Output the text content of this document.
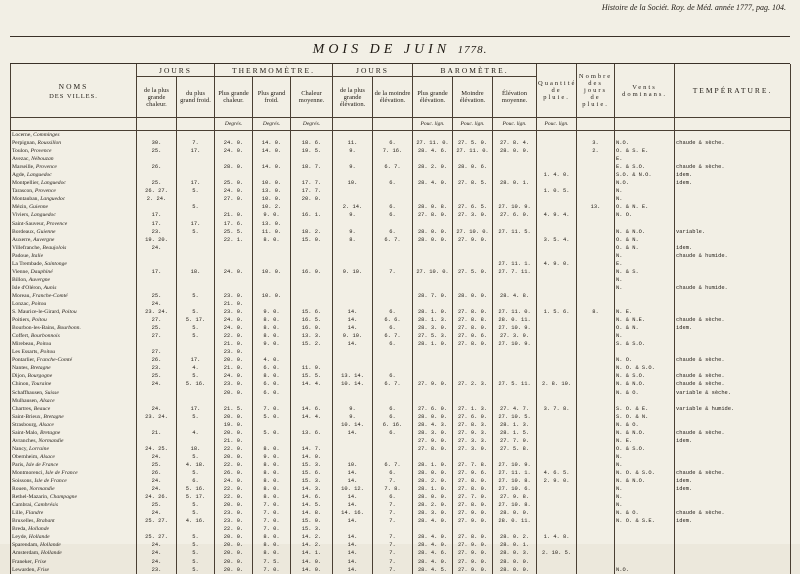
Histoire de la Sociét. Roy. de Méd. année 1777, pag. 104.
MOIS DE JUIN 1778.
NOMS
DES VILLES.	JOURS		THERMOMÈTRE.			JOURS		BAROMÈTRE.			Quantité de pluie.	Nombre des jours de pluie.	Vents dominans.	TEMPÉRATURE.
	de la plus grande chaleur.	du plus grand froid.	Plus grande chaleur.	Plus grand froid.	Chaleur moyenne.	de la plus grande élévation.	de la moindre élévation.	Plus grande élévation.	Moindre élévation.	Élévation moyenne.				
			Degrés.	Degrés.	Degrés.			Pouc. lign.	Pouc. lign.	Pouc. lign.	Pouc. lign.			
Locerne, Comminges														
Perpignan, Roussillon	30.	7.	24. 0.	14. 0.	18. 6.	11.	6.	27. 11. 0.	27. 5. 0.	27. 8. 4.		3.	N.O.	chaude & sèche.
Toulon, Provence	25.	17.	24. 0.	14. 0.	19. 5.	9.	7. 16.	28. 4. 6.	27. 11. 0.	28. 0. 9.		2.	O. & S. E.	
Avezac, Nébouzan													E.	
Marseille, Provence	26.		28. 0.	14. 0.	18. 7.	9.	6. 7.	28. 2. 0.	28. 0. 6.				E. & S.O.	chaude & sèche.
Agde, Languedoc											1. 4. 0.		S.O. & N.O.	idem.
Montpellier, Languedoc	25.	17.	25. 0.	10. 0.	17. 7.	10.	6.	28. 4. 0.	27. 8. 5.	28. 0. 1.			N.O.	idem.
Tarascon, Provence	26. 27.	5.	24. 0.	13. 0.	17. 7.						1. 0. 5.		N.	
Montauban, Languedoc	2. 24.		27. 0.	10. 0.	20. 0.								N.	
Mézin, Guienne		5.		10. 2.		2. 14.	6.	28. 0. 8.	27. 6. 5.	27. 10. 9.		13.	O. & N. E.	
Viviers, Languedoc	17.		21. 0.	9. 0.	16. 1.	9.	6.	27. 8. 0.	27. 3. 0.	27. 6. 0.	4. 9. 4.		N. O.	
Saint-Sauveur, Provence	17.	17.	17. 6.	13. 0.										
Bordeaux, Guienne	23.	5.	25. 5.	11. 0.	18. 2.	9.	6.	28. 0. 0.	27. 10. 0.	27. 11. 5.			N. & N.O.	variable.
Auxerre, Auvergne	19. 20.		22. 1.	8. 0.	15. 0.	8.	6. 7.	28. 0. 0.	27. 9. 0.		3. 5. 4.		O. & N.	
Villefranche, Beaujolois	24.												O. & N.	idem.
Padoue, Italie													N.	chaude & humide.
La Trembade, Saintonge										27. 11. 1.	4. 9. 0.		E.	
Vienne, Dauphiné	17.	18.	24. 0.	10. 0.	16. 9.	9. 10.	7.	27. 10. 0.	27. 5. 0.	27. 7. 11.			N. & S.	
Billon, Auvergne													N.	
Isle d'Oléron, Aunis													N.	chaude & humide.
Moreau, Franche-Comté	25.	5.	23. 0.	10. 0.				28. 7. 0.	28. 0. 0.	28. 4. 8.				
Lonzac, Poitou	24.		21. 0.											
S. Maurice-le-Girard, Poitou	23. 24.	5.	23. 0.	9. 0.	15. 6.	14.	6.	28. 1. 0.	27. 8. 0.	27. 11. 0.	1. 5. 6.	8.	N. E.	
Poitiers, Poitou	27.	5. 17.	24. 0.	8. 0.	16. 5.	14.	6. 6.	28. 1. 3.	27. 8. 8.	28. 0. 11.			N. & N.E.	chaude & sèche.
Bourbon-les-Bains, Bourbonn.	25.	5.	24. 0.	8. 0.	16. 0.	14.	6.	28. 3. 0.	27. 8. 0.	27. 10. 9.			O. & N.	idem.
Coffert, Bourbonnois	27.	5.	22. 0.	8. 0.	13. 3.	9. 10.	6. 7.	27. 5. 3.	27. 0. 6.	27. 3. 9.			N.	
Mirebeau, Poitou			21. 0.	9. 0.	15. 2.	14.	6.	28. 1. 0.	27. 8. 0.	27. 10. 9.			S. & S.O.	
Les Essarts, Poitou	27.		23. 0.											
Pontarlier, Franche-Comté	26.	17.	20. 0.	4. 0.									N. O.	chaude & sèche.
Nantes, Bretagne	23.	4.	21. 0.	6. 0.	11. 9.								N. O. & S.O.	
Dijon, Bourgogne	25.	5.	24. 0.	8. 0.	15. 5.	13. 14.	6.						N. & S.O.	chaude & sèche.
Chinon, Touraine	24.	5. 16.	23. 0.	6. 0.	14. 4.	10. 14.	6. 7.	27. 9. 0.	27. 2. 3.	27. 5. 11.	2. 8. 10.		N. & N.O.	chaude & sèche.
Schaffhausen, Suisse			20. 0.	6. 0.									N. & O.	variable & sèche.
Mulhausen, Alsace														
Chartres, Beauce	24.	17.	21. 5.	7. 0.	14. 6.	9.	6.	27. 6. 0.	27. 1. 3.	27. 4. 7.	3. 7. 8.		S. O. & E.	variable & humide.
Saint-Brieux, Bretagne	23. 24.	5.	20. 0.	5. 0.	14. 4.	9.	6.	28. 0. 0.	27. 6. 0.	27. 10. 5.			S. O. & N.	
Strasbourg, Alsace			19. 0.			10. 14.	6. 16.	28. 4. 3.	27. 8. 3.	28. 1. 3.			N. & O.	
Saint-Malo, Bretagne	21.	4.	20. 0.	5. 0.	13. 6.	14.	6.	28. 3. 0.	27. 9. 3.	28. 1. 5.			N. & N.O.	chaude & sèche.
Avranches, Normandie			21. 0.					27. 9. 0.	27. 3. 3.	27. 7. 9.			N. E.	idem.
Nancy, Lorraine	24. 25.	18.	22. 0.	8. 0.	14. 7.			27. 8. 0.	27. 3. 9.	27. 5. 8.			O. & S.O.	
Obernheim, Alsace	24.	5.	20. 0.	9. 0.	14. 0.								N.	
Paris, Isle de France	25.	4. 18.	22. 0.	8. 0.	15. 3.	10.	6. 7.	28. 1. 0.	27. 7. 8.	27. 10. 9.			N.	
Montmorenci, Isle de France	26.	5.	26. 0.	8. 0.	15. 6.	14.	6.	28. 0. 0.	27. 9. 6.	27. 11. 1.	4. 6. 5.		N. O. & S.O.	chaude & sèche.
Soissons, Isle de France	24.	6.	24. 0.	8. 0.	15. 3.	14.	7.	28. 2. 0.	27. 8. 0.	27. 10. 8.	2. 9. 0.		N. & N.O.	idem.
Rouen, Normandie	24.	5. 16.	22. 0.	8. 0.	14. 3.	10. 12.	7. 8.	28. 1. 0.	27. 8. 0.	27. 10. 6.			N.	idem.
Rethel-Mazarin, Champagne	24. 26.	5. 17.	22. 0.	8. 0.	14. 6.	14.	6.	28. 0. 0.	27. 7. 0.	27. 9. 8.			N.	
Cambrai, Cambrésis	25.	5.	20. 0.	7. 0.	14. 5.	14.	7.	28. 2. 0.	27. 8. 0.	27. 10. 8.			N.	
Lille, Flandre	24.	5.	23. 0.	7. 0.	14. 8.	14. 16.	7.	28. 3. 0.	27. 9. 0.	28. 0. 0.			N. & O.	chaude & sèche.
Bruxelles, Brabant	25. 27.	4. 16.	23. 0.	7. 0.	15. 0.	14.	7.	28. 4. 0.	27. 9. 0.	28. 0. 11.			N. O. & S.E.	idem.
Breda, Hollande			22. 0.	7. 0.	15. 3.									
Leyde, Hollande	25. 27.	5.	20. 0.	8. 0.	14. 2.	14.	7.	28. 4. 0.	27. 8. 0.	28. 0. 2.	1. 4. 8.			
Sparendam, Hollande	24.	5.	20. 0.	8. 0.	14. 2.	14.	7.	28. 4. 0.	27. 9. 0.	28. 0. 1.				
Amsterdam, Hollande	24.	5.	20. 0.	8. 0.	14. 1.	14.	7.	28. 4. 6.	27. 9. 0.	28. 0. 3.	2. 10. 5.			
Franeker, Frise	24.	5.	20. 0.	7. 5.	14. 0.	14.	7.	28. 4. 0.	27. 9. 0.	28. 0. 0.				
Lewarden, Frise	23.	5.	20. 0.	7. 0.	14. 0.	14.	7.	28. 4. 5.	27. 9. 0.	28. 0. 0.			N.O.	
